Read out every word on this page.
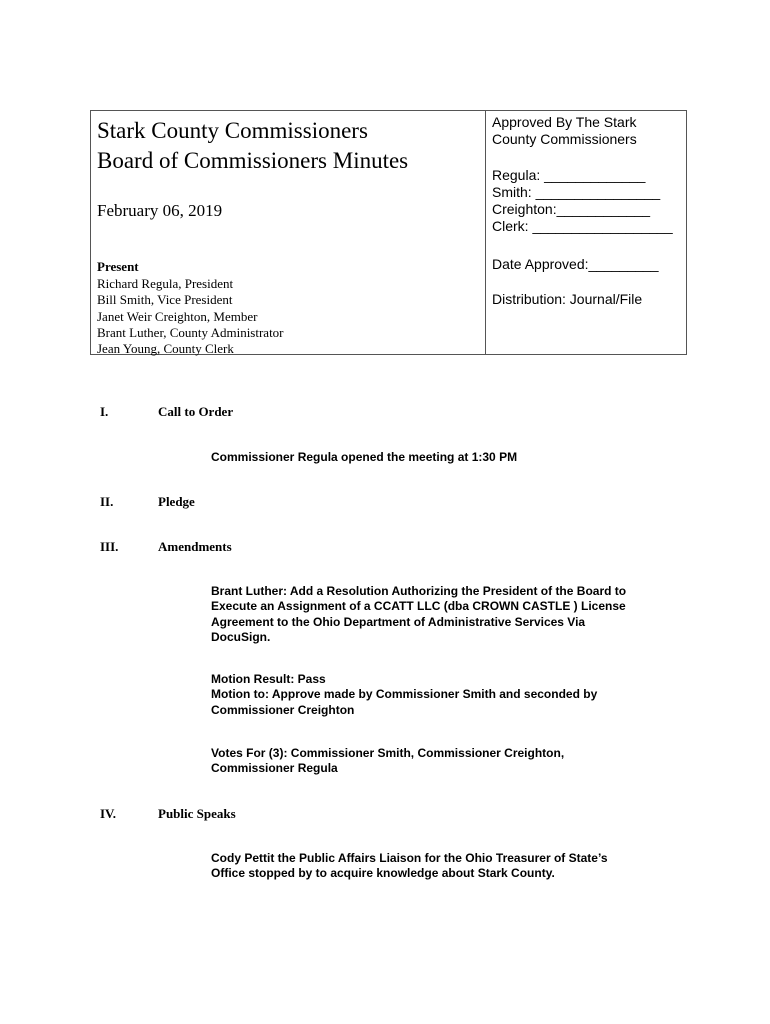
Stark County Commissioners
Board of Commissioners Minutes
February 06, 2019
Present
Richard Regula, President
Bill Smith, Vice President
Janet Weir Creighton, Member
Brant Luther, County Administrator
Jean Young, County Clerk
Approved By The Stark
County Commissioners
Regula: _____________
Smith: ________________
Creighton:____________
Clerk: __________________
Date Approved:_________
Distribution: Journal/File
I.	Call to Order
Commissioner Regula opened the meeting at 1:30 PM
II.	Pledge
III.	Amendments
Brant Luther: Add a Resolution Authorizing the President of the Board to
Execute an Assignment of a CCATT LLC (dba CROWN CASTLE ) License
Agreement to the Ohio Department of Administrative Services Via
DocuSign.
Motion Result: Pass
Motion to: Approve made by Commissioner Smith and seconded by
Commissioner Creighton
Votes For (3): Commissioner Smith, Commissioner Creighton,
Commissioner Regula
IV.	Public Speaks
Cody Pettit the Public Affairs Liaison for the Ohio Treasurer of State’s
Office stopped by to acquire knowledge about Stark County.
